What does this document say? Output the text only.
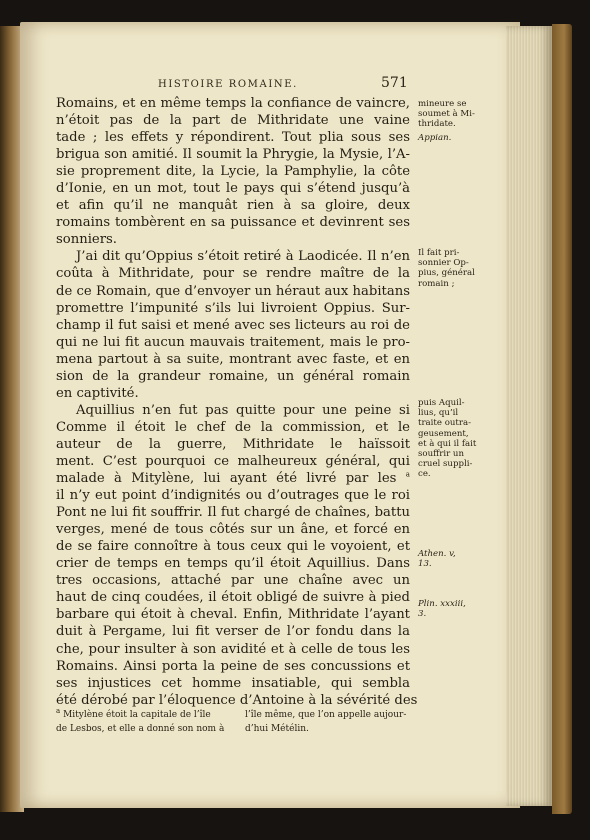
HISTOIRE ROMAINE.	571
Romains, et en même temps la confiance de vaincre,
n’étoit pas de la part de Mithridate une vaine
tade ; les effets y répondirent. Tout plia sous ses
brigua son amitié. Il soumit la Phrygie, la Mysie, l’A-
sie proprement dite, la Lycie, la Pamphylie, la côte
d’Ionie, en un mot, tout le pays qui s’étend jusqu’à
et afin qu’il ne manquât rien à sa gloire, deux
romains tombèrent en sa puissance et devinrent ses
sonniers.
J’ai dit qu’Oppius s’étoit retiré à Laodicée. Il n’en
coûta à Mithridate, pour se rendre maître de la
de ce Romain, que d’envoyer un héraut aux habitans
promettre l’impunité s’ils lui livroient Oppius. Sur-
champ il fut saisi et mené avec ses licteurs au roi de
qui ne lui fit aucun mauvais traitement, mais le pro-
mena partout à sa suite, montrant avec faste, et en
sion de la grandeur romaine, un général romain
en captivité.
Aquillius n’en fut pas quitte pour une peine si
Comme il étoit le chef de la commission, et le
auteur de la guerre, Mithridate le haïssoit
ment. C’est pourquoi ce malheureux général, qui
malade à Mitylène, lui ayant été livré par les $^a$
il n’y eut point d’indignités ou d’outrages que le roi
Pont ne lui fit souffrir. Il fut chargé de chaînes, battu
verges, mené de tous côtés sur un âne, et forcé en
de se faire connoître à tous ceux qui le voyoient, et
crier de temps en temps qu’il étoit Aquillius. Dans
tres occasions, attaché par une chaîne avec un
haut de cinq coudées, il étoit obligé de suivre à pied
barbare qui étoit à cheval. Enfin, Mithridate l’ayant
duit à Pergame, lui fit verser de l’or fondu dans la
che, pour insulter à son avidité et à celle de tous les
Romains. Ainsi porta la peine de ses concussions et
ses injustices cet homme insatiable, qui sembla
été dérobé par l’éloquence d’Antoine à la sévérité des
mineure se
soumet à Mi-
thridate.
Appian.
Il fait pri-
sonnier Op-
pius, général
romain ;
puis Aquil-
lius, qu’il
traite outra-
geusement,
et à qui il fait
souffrir un
cruel suppli-
ce.
Athen. v,
13.
Plin. xxxiii,
3.
$^a$ Mitylène étoit la capitale de l’île
de Lesbos, et elle a donné son nom à
l’île même, que l’on appelle aujour-
d’hui Métélin.
